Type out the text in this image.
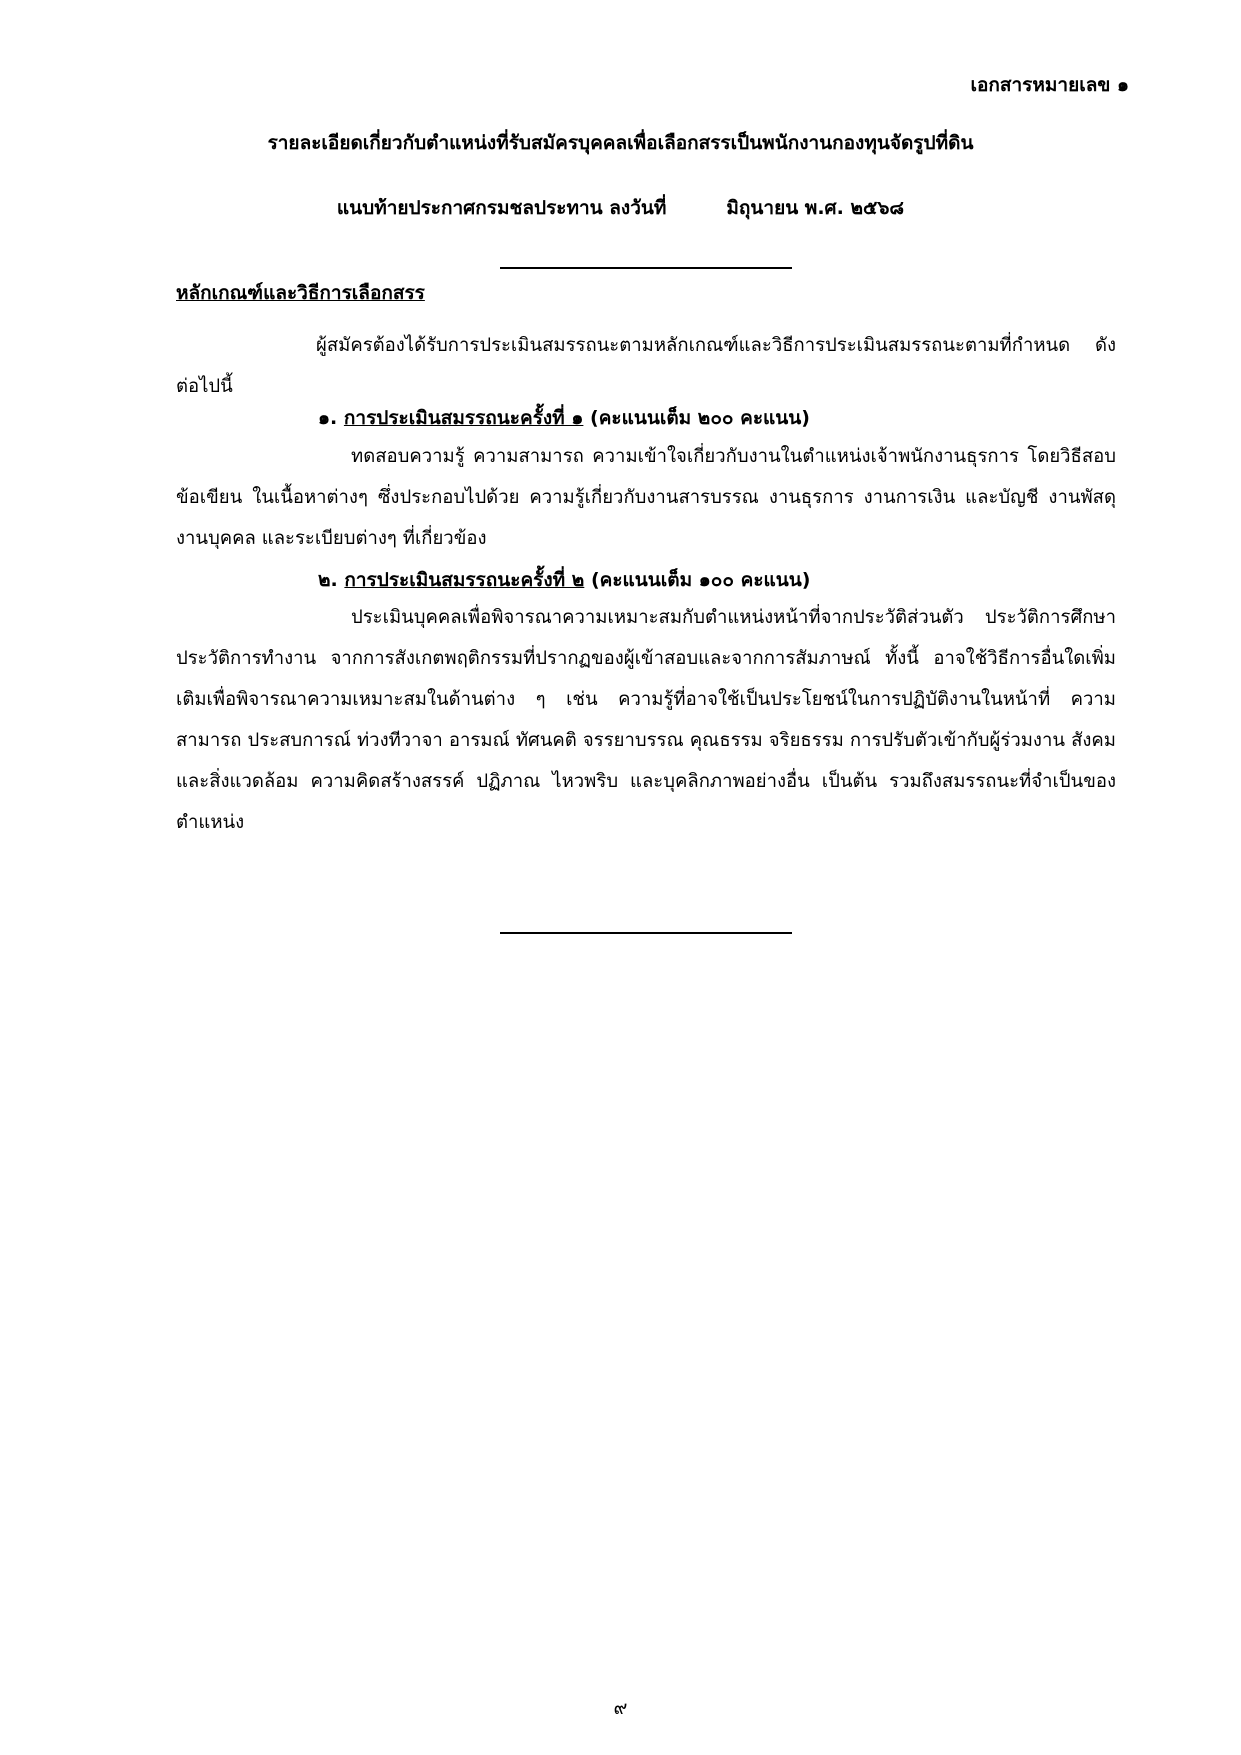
เอกสารหมายเลข ๑
รายละเอียดเกี่ยวกับตำแหน่งที่รับสมัครบุคคลเพื่อเลือกสรรเป็นพนักงานกองทุนจัดรูปที่ดิน
แนบท้ายประกาศกรมชลประทาน ลงวันที่	มิถุนายน พ.ศ. ๒๕๖๘
หลักเกณฑ์และวิธีการเลือกสรร
ผู้สมัครต้องได้รับการประเมินสมรรถนะตามหลักเกณฑ์และวิธีการประเมินสมรรถนะตามที่กำหนด ดังต่อไปนี้
๑. การประเมินสมรรถนะครั้งที่ ๑ (คะแนนเต็ม ๒๐๐ คะแนน)
ทดสอบความรู้ ความสามารถ ความเข้าใจเกี่ยวกับงานในตำแหน่งเจ้าพนักงานธุรการ โดยวิธีสอบข้อเขียน ในเนื้อหาต่างๆ ซึ่งประกอบไปด้วย ความรู้เกี่ยวกับงานสารบรรณ งานธุรการ งานการเงิน และบัญชี งานพัสดุ งานบุคคล และระเบียบต่างๆ ที่เกี่ยวข้อง
๒. การประเมินสมรรถนะครั้งที่ ๒ (คะแนนเต็ม ๑๐๐ คะแนน)
ประเมินบุคคลเพื่อพิจารณาความเหมาะสมกับตำแหน่งหน้าที่จากประวัติส่วนตัว ประวัติการศึกษา ประวัติการทำงาน จากการสังเกตพฤติกรรมที่ปรากฏของผู้เข้าสอบและจากการสัมภาษณ์ ทั้งนี้ อาจใช้วิธีการอื่นใดเพิ่มเติมเพื่อพิจารณาความเหมาะสมในด้านต่าง ๆ เช่น ความรู้ที่อาจใช้เป็นประโยชน์ในการปฏิบัติงานในหน้าที่ ความสามารถ ประสบการณ์ ท่วงทีวาจา อารมณ์ ทัศนคติ จรรยาบรรณ คุณธรรม จริยธรรม การปรับตัวเข้ากับผู้ร่วมงาน สังคม และสิ่งแวดล้อม ความคิดสร้างสรรค์ ปฏิภาณ ไหวพริบ และบุคลิกภาพอย่างอื่น เป็นต้น รวมถึงสมรรถนะที่จำเป็นของตำแหน่ง
๙
